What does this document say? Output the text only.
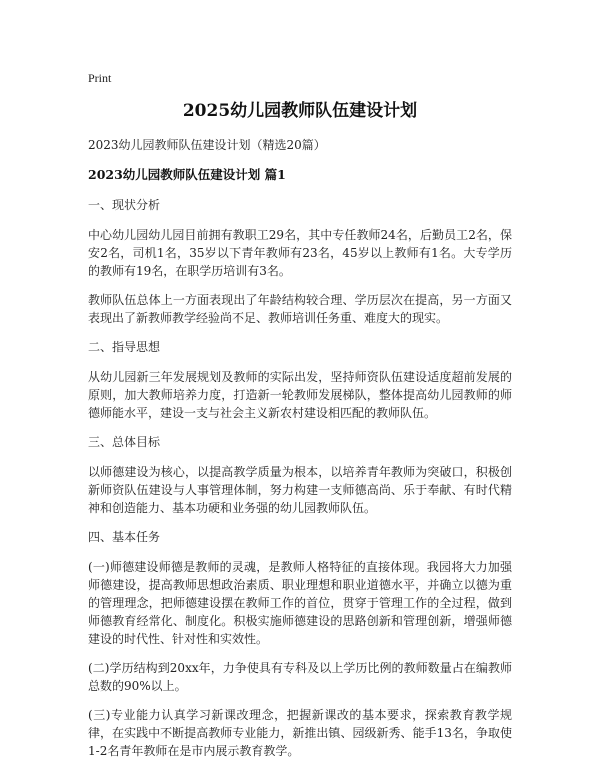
Print
2025幼儿园教师队伍建设计划
2023幼儿园教师队伍建设计划（精选20篇）
2023幼儿园教师队伍建设计划 篇1
一、现状分析

中心幼儿园幼儿园目前拥有教职工29名，其中专任教师24名，后勤员工2名，保安2名，司机1名，35岁以下青年教师有23名，45岁以上教师有1名。大专学历的教师有19名，在职学历培训有3名。

教师队伍总体上一方面表现出了年龄结构较合理、学历层次在提高，另一方面又表现出了新教师教学经验尚不足、教师培训任务重、难度大的现实。

二、指导思想

从幼儿园新三年发展规划及教师的实际出发，坚持师资队伍建设适度超前发展的原则，加大教师培养力度，打造新一轮教师发展梯队，整体提高幼儿园教师的师德师能水平，建设一支与社会主义新农村建设相匹配的教师队伍。

三、总体目标

以师德建设为核心，以提高教学质量为根本，以培养青年教师为突破口，积极创新师资队伍建设与人事管理体制，努力构建一支师德高尚、乐于奉献、有时代精神和创造能力、基本功硬和业务强的幼儿园教师队伍。

四、基本任务

(一)师德建设师德是教师的灵魂，是教师人格特征的直接体现。我园将大力加强师德建设，提高教师思想政治素质、职业理想和职业道德水平，并确立以德为重的管理理念，把师德建设摆在教师工作的首位，贯穿于管理工作的全过程，做到师德教育经常化、制度化。积极实施师德建设的思路创新和管理创新，增强师德建设的时代性、针对性和实效性。

(二)学历结构到20xx年，力争使具有专科及以上学历比例的教师数量占在编教师总数的90%以上。

(三)专业能力认真学习新课改理念，把握新课改的基本要求，探索教育教学规律，在实践中不断提高教师专业能力，新推出镇、园级新秀、能手13名，争取使1-2名青年教师在是市内展示教育教学。
